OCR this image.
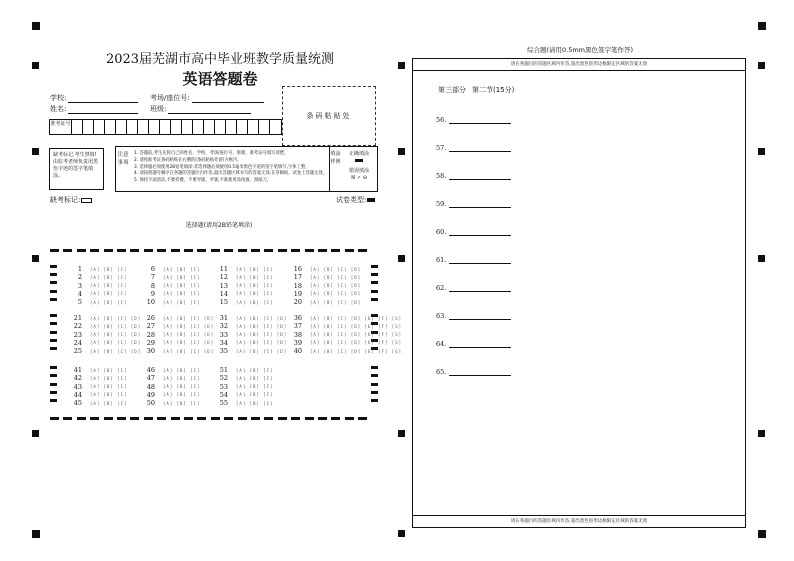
2023届芜湖市高中毕业班教学质量统测
英语答题卷
学校:	考场/座位号:
姓名:	班级:
条码粘贴处
准考证号
缺考标记,考生禁填!由监考老师负责用黑色字迹的签字笔填涂。
注意事项
1. 答题前,考生先将自己的姓名、学校、考场/座位号、班级、准考证号填写清楚。
2. 请将准考证条码粘贴在右侧的[条码粘贴处]的方框内。
3. 选择题必须使用2B铅笔填涂;非选择题必须使用0.5毫米黑色字迹的签字笔填写,字体工整。
4. 请按照题号顺序在各题的答题区内作答,超出答题区域书写的答案无效,在草稿纸、试卷上答题无效。
5. 保持卡面清洁,不要折叠、不要弄破、弄皱,不准使用涂改液、刮纸刀。
填涂样例
正确填涂
错误填涂
☒ ✓ ⊖
缺考标记:	试卷类型:
选择题(请用2B铅笔填涂)
1 [A] [B] [C]
2 [A] [B] [C]
3 [A] [B] [C]
4 [A] [B] [C]
5 [A] [B] [C]
6 [A] [B] [C]
7 [A] [B] [C]
8 [A] [B] [C]
9 [A] [B] [C]
10 [A] [B] [C]
11 [A] [B] [C]
12 [A] [B] [C]
13 [A] [B] [C]
14 [A] [B] [C]
15 [A] [B] [C]
16 [A] [B] [C] [D]
17 [A] [B] [C] [D]
18 [A] [B] [C] [D]
19 [A] [B] [C] [D]
20 [A] [B] [C] [D]
21 [A] [B] [C] [D]
22 [A] [B] [C] [D]
23 [A] [B] [C] [D]
24 [A] [B] [C] [D]
25 [A] [B] [C] [D]
26 [A] [B] [C] [D]
27 [A] [B] [C] [D]
28 [A] [B] [C] [D]
29 [A] [B] [C] [D]
30 [A] [B] [C] [D]
31 [A] [B] [C] [D]
32 [A] [B] [C] [D]
33 [A] [B] [C] [D]
34 [A] [B] [C] [D]
35 [A] [B] [C] [D]
36 [A] [B] [C] [D] [E] [F] [G]
37 [A] [B] [C] [D] [E] [F] [G]
38 [A] [B] [C] [D] [E] [F] [G]
39 [A] [B] [C] [D] [E] [F] [G]
40 [A] [B] [C] [D] [E] [F] [G]
41 [A] [B] [C]
42 [A] [B] [C]
43 [A] [B] [C]
44 [A] [B] [C]
45 [A] [B] [C]
46 [A] [B] [C]
47 [A] [B] [C]
48 [A] [B] [C]
49 [A] [B] [C]
50 [A] [B] [C]
51 [A] [B] [C]
52 [A] [B] [C]
53 [A] [B] [C]
54 [A] [B] [C]
55 [A] [B] [C]
综合题(请用0.5mm黑色签字笔作答)
请在各题目的答题区域内作答,超出黑色矩形边框限定区域的答案无效
请在各题目的答题区域内作答,超出黑色矩形边框限定区域的答案无效
第三部分 第二节(15分)
56.
57.
58.
59.
60.
61.
62.
63.
64.
65.
